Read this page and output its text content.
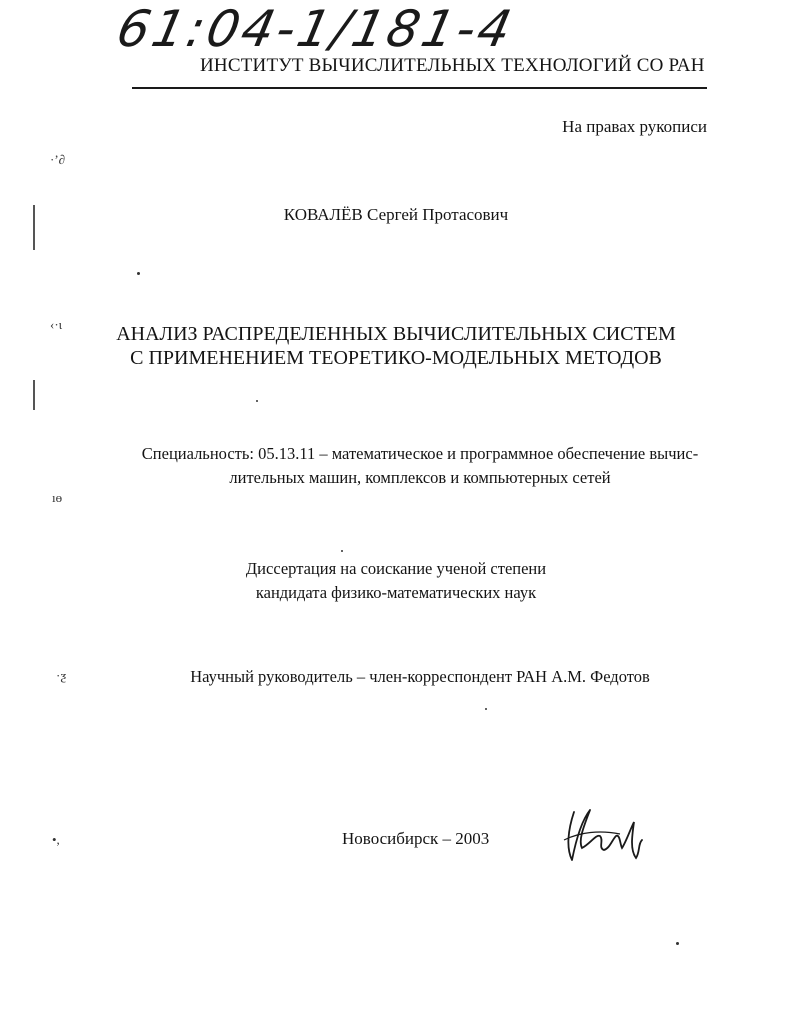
61:04-1/181-4
ИНСТИТУТ ВЫЧИСЛИТЕЛЬНЫХ ТЕХНОЛОГИЙ СО РАН
На правах рукописи
КОВАЛЁВ Сергей Протасович
АНАЛИЗ РАСПРЕДЕЛЕННЫХ ВЫЧИСЛИТЕЛЬНЫХ СИСТЕМ
С ПРИМЕНЕНИЕМ ТЕОРЕТИКО-МОДЕЛЬНЫХ МЕТОДОВ
Специальность: 05.13.11 – математическое и программное обеспечение вычис-
лительных машин, комплексов и компьютерных сетей
Диссертация на соискание ученой степени
кандидата физико-математических наук
Научный руководитель – член-корреспондент РАН А.М. Федотов
Новосибирск – 2003
·ʼ∂
‹·ɩ
ıɵ
·ƺ
•,
